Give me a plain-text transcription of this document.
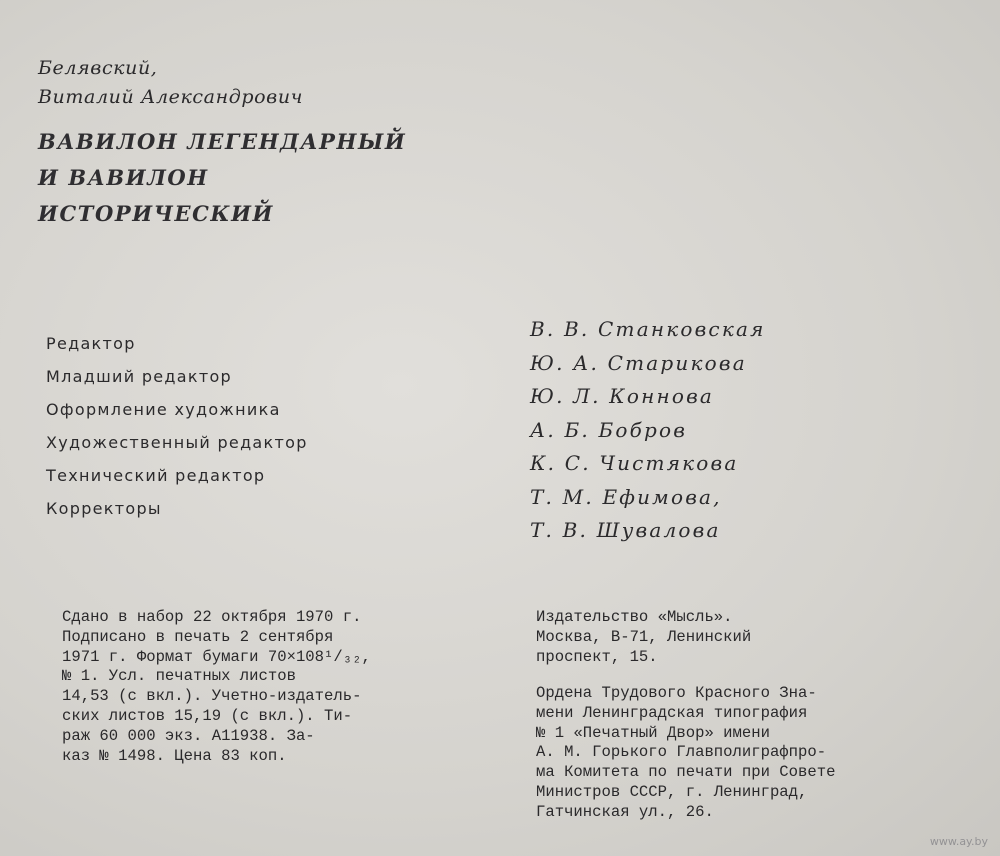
Белявский,
Виталий Александрович
ВАВИЛОН ЛЕГЕНДАРНЫЙ
И ВАВИЛОН
ИСТОРИЧЕСКИЙ
Редактор
Младший редактор
Оформление художника
Художественный редактор
Технический редактор
Корректоры
В. В. Станковская
Ю. А. Старикова
Ю. Л. Коннова
А. Б. Бобров
К. С. Чистякова
Т. М. Ефимова,
Т. В. Шувалова
Сдано в набор 22 октября 1970 г.
Подписано в печать 2 сентября
1971 г. Формат бумаги 70×108¹/₃₂,
№ 1. Усл. печатных листов
14,53 (с вкл.). Учетно-издатель-
ских листов 15,19 (с вкл.). Ти-
раж 60 000 экз. А11938. За-
каз № 1498. Цена 83 коп.
Издательство «Мысль».
Москва, В-71, Ленинский
проспект, 15.
Ордена Трудового Красного Зна-
мени Ленинградская типография
№ 1 «Печатный Двор» имени
А. М. Горького Главполиграфпро-
ма Комитета по печати при Совете
Министров СССР, г. Ленинград,
Гатчинская ул., 26.
www.ay.by
